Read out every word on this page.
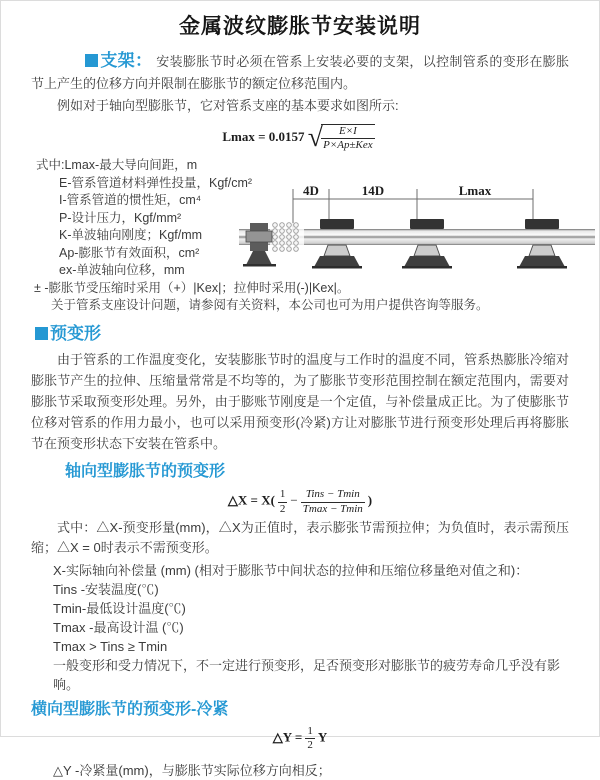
金属波纹膨胀节安装说明

支架： 安装膨胀节时必须在管系上安装必要的支架，以控制管系的变形在膨胀节上产生的位移方向并限制在膨胀节的额定位移范围内。

例如对于轴向型膨胀节，它对管系支座的基本要求如图所示:

Lmax = 0.0157 √
$\frac{E\times I}{\text{P×Ap±Kex}}$
式中:Lmax-最大导向间距，m
E-管系管道材料弹性投量，Kgf/cm²
I-管系管道的惯性矩，cm⁴
P-设计压力，Kgf/mm²
K-单波轴向刚度；Kgf/mm
Ap-膨胀节有效面积，cm²
ex-单波轴向位移，mm
± -膨胀节受压缩时采用（+）|Kex|；拉伸时采用(-)|Kex|。
关于管系支座设计问题，请参阅有关资料，本公司也可为用户提供咨询等服务。
4D	14D	Lmax
预变形

由于管系的工作温度变化，安装膨胀节时的温度与工作时的温度不同，管系热膨胀冷缩对膨胀节产生的拉伸、压缩量常常是不均等的，为了膨胀节变形范围控制在额定范围内，需要对膨胀节采取预变形处理。另外，由于膨账节刚度是一个定值，与补偿量成正比。为了使膨胀节位移对管系的作用力最小，也可以采用预变形(冷紧)方让对膨胀节进行预变形处理后再将膨胀节在预变形状态下安装在管系中。

轴向型膨胀节的预变形
△X = $X( \frac{1}{2} - \frac{\text{Tins − Tmin}}{Tmax - Tmin}$ )

式中：△X-预变形量(mm)，△X为正值时，表示膨张节需预拉伸；为负值时，表示需预压缩；△X = 0时表示不需预变形。

X-实际轴向补偿量 (mm) (相对于膨胀节中间状态的拉伸和压缩位移量绝对值之和)：
Tins -安装温度(℃)
Tmin-最低设计温度(℃)
Tmax -最高设计温 (℃)
Tmax > Tins ≥ Tmin
一般变形和受力情况下，不一定进行预变形，足否预变形对膨胀节的疲劳寿命几乎没有影响。
横向型膨胀节的预变形-冷紧
△Y = $\frac{1}{2}$ Y
△Y -冷紧量(mm)，与膨胀节实际位移方向相反；
